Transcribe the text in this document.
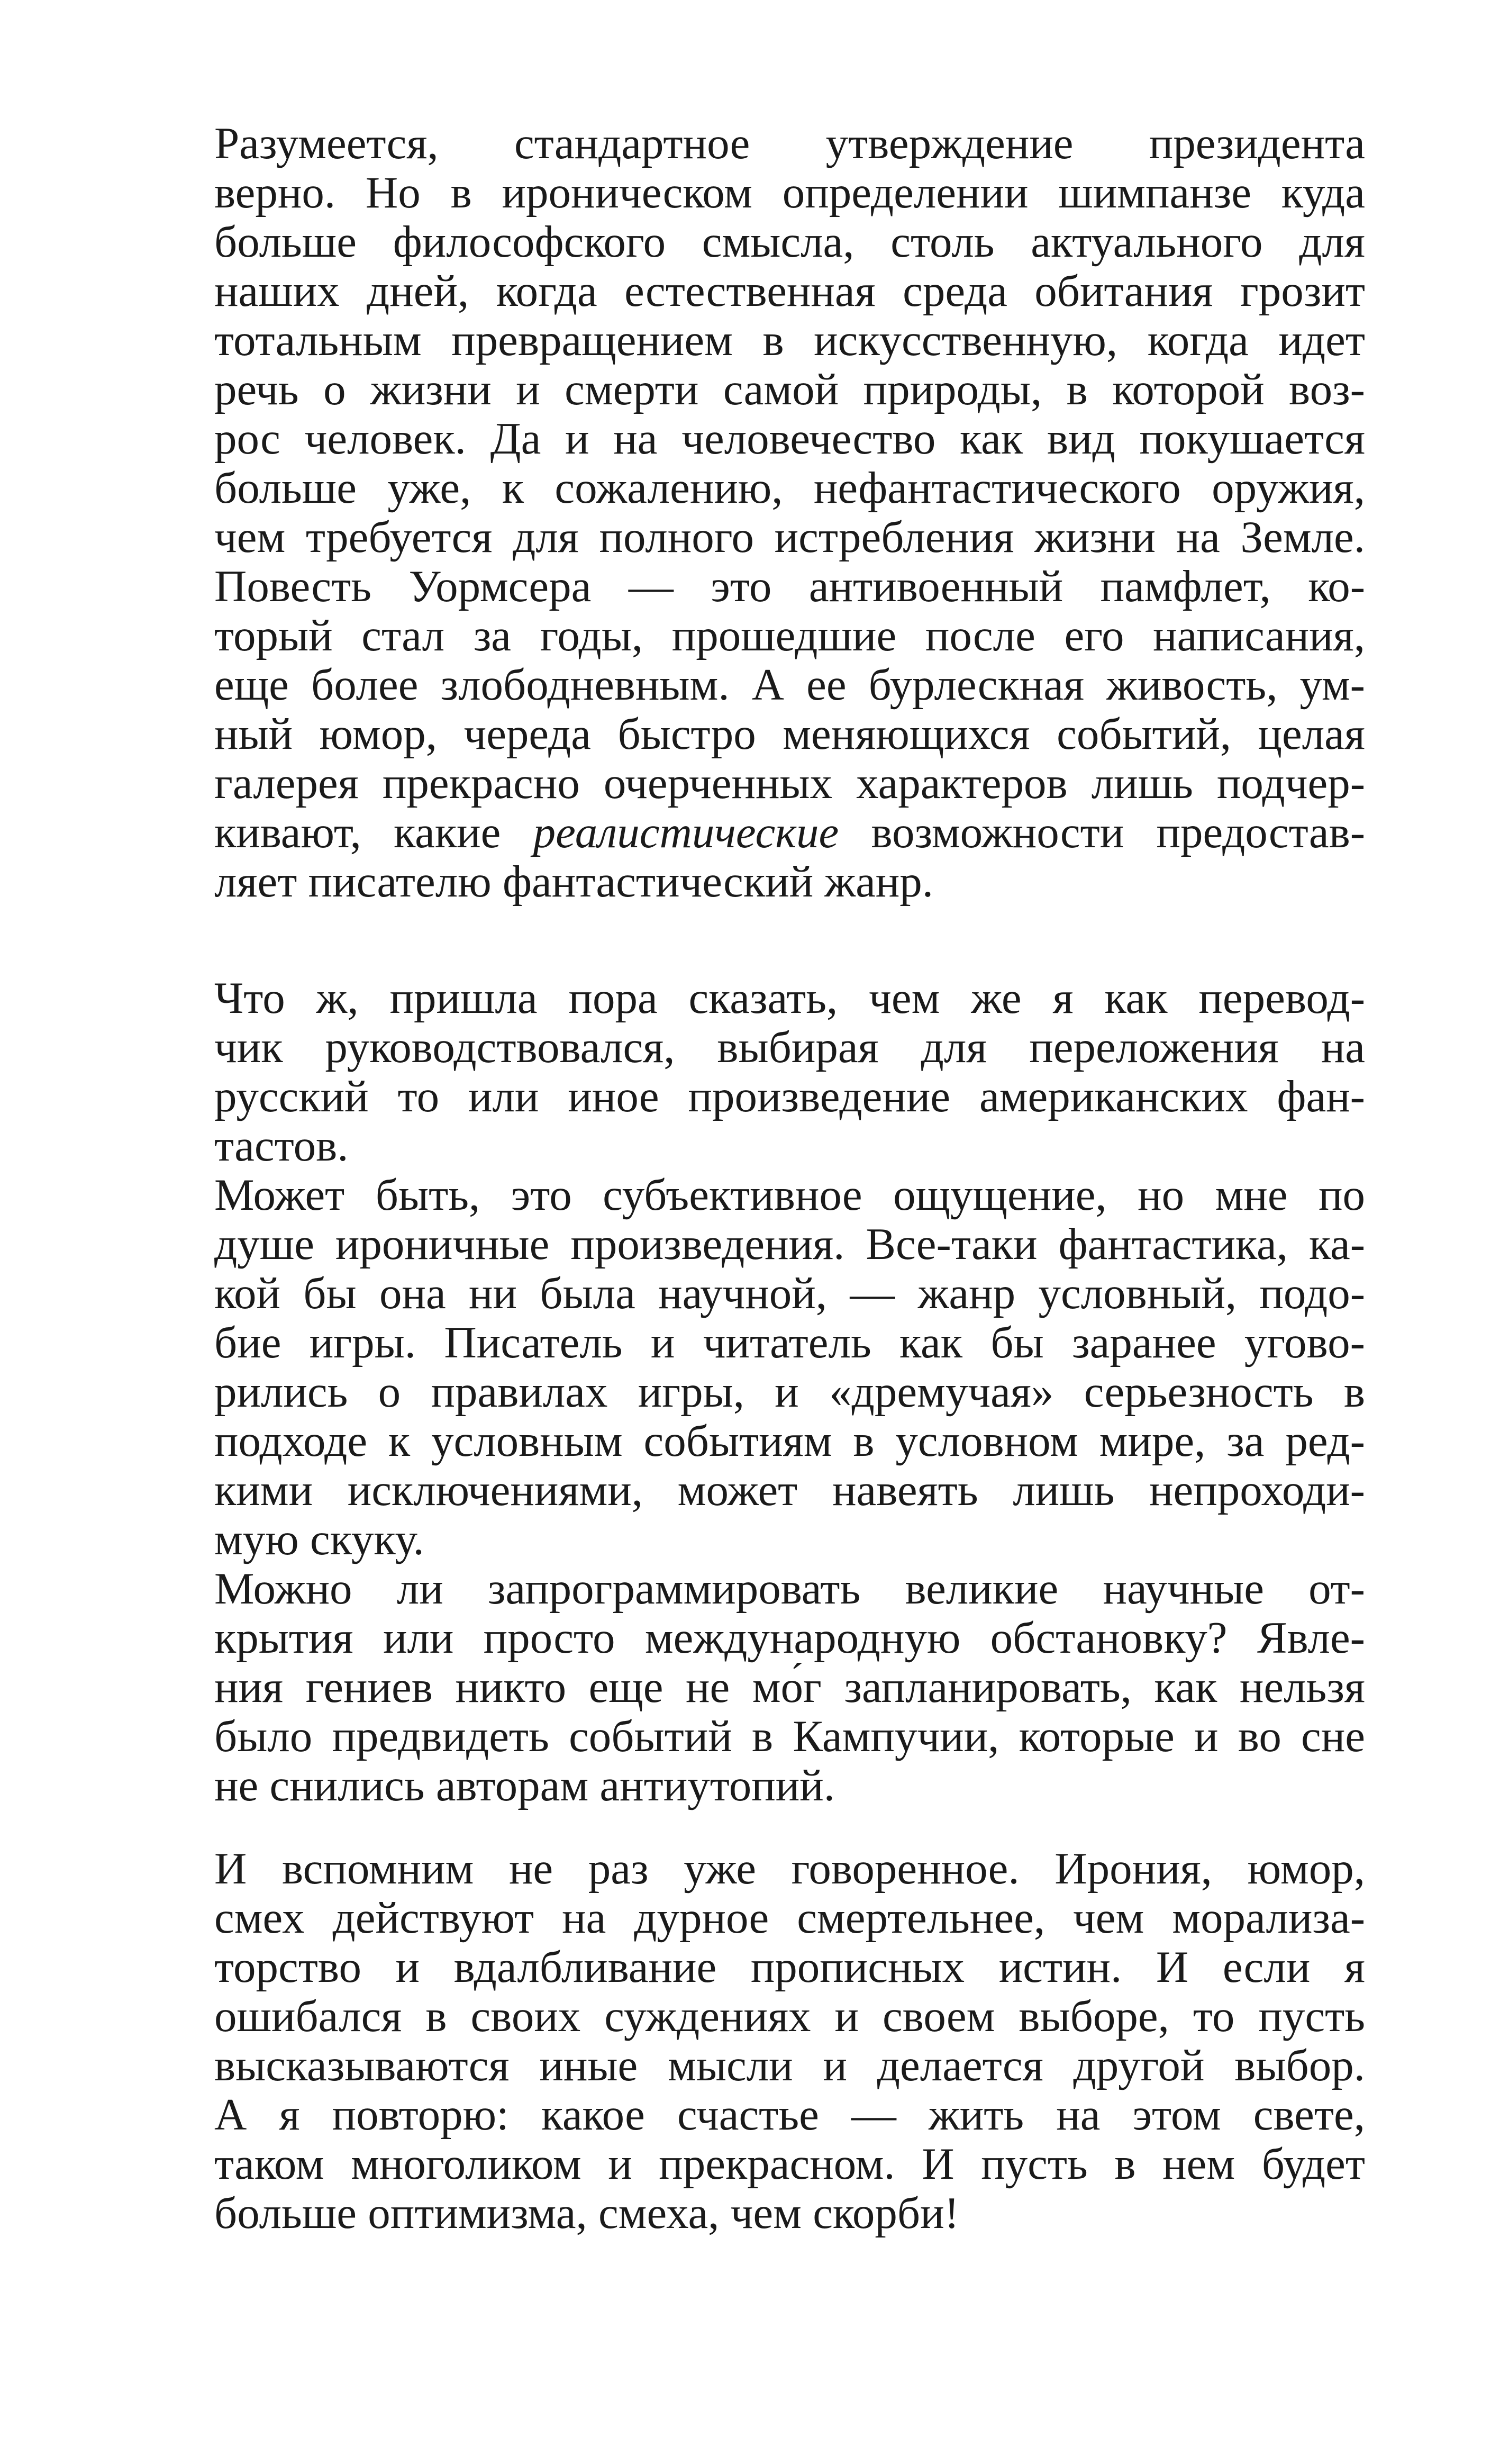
Разумеется, стандартное утверждение президента
верно. Но в ироническом определении шимпанзе куда
больше философского смысла, столь актуального для
наших дней, когда естественная среда обитания грозит
тотальным превращением в искусственную, когда идет
речь о жизни и смерти самой природы, в которой воз-
рос человек. Да и на человечество как вид покушается
больше уже, к сожалению, нефантастического оружия,
чем требуется для полного истребления жизни на Земле.
Повесть Уормсера — это антивоенный памфлет, ко-
торый стал за годы, прошедшие после его написания,
еще более злободневным. А ее бурлескная живость, ум-
ный юмор, череда быстро меняющихся событий, целая
галерея прекрасно очерченных характеров лишь подчер-
кивают, какие реалистические возможности предостав-
ляет писателю фантастический жанр.
Что ж, пришла пора сказать, чем же я как перевод-
чик руководствовался, выбирая для переложения на
русский то или иное произведение американских фан-
тастов.
Может быть, это субъективное ощущение, но мне по
душе ироничные произведения. Все-таки фантастика, ка-
кой бы она ни была научной, — жанр условный, подо-
бие игры. Писатель и читатель как бы заранее угово-
рились о правилах игры, и «дремучая» серьезность в
подходе к условным событиям в условном мире, за ред-
кими исключениями, может навеять лишь непроходи-
мую скуку.
Можно ли запрограммировать великие научные от-
крытия или просто международную обстановку? Явле-
ния гениев никто еще не мо́г запланировать, как нельзя
было предвидеть событий в Кампучии, которые и во сне
не снились авторам антиутопий.
И вспомним не раз уже говоренное. Ирония, юмор,
смех действуют на дурное смертельнее, чем морализа-
торство и вдалбливание прописных истин. И если я
ошибался в своих суждениях и своем выборе, то пусть
высказываются иные мысли и делается другой выбор.
А я повторю: какое счастье — жить на этом свете,
таком многоликом и прекрасном. И пусть в нем будет
больше оптимизма, смеха, чем скорби!
